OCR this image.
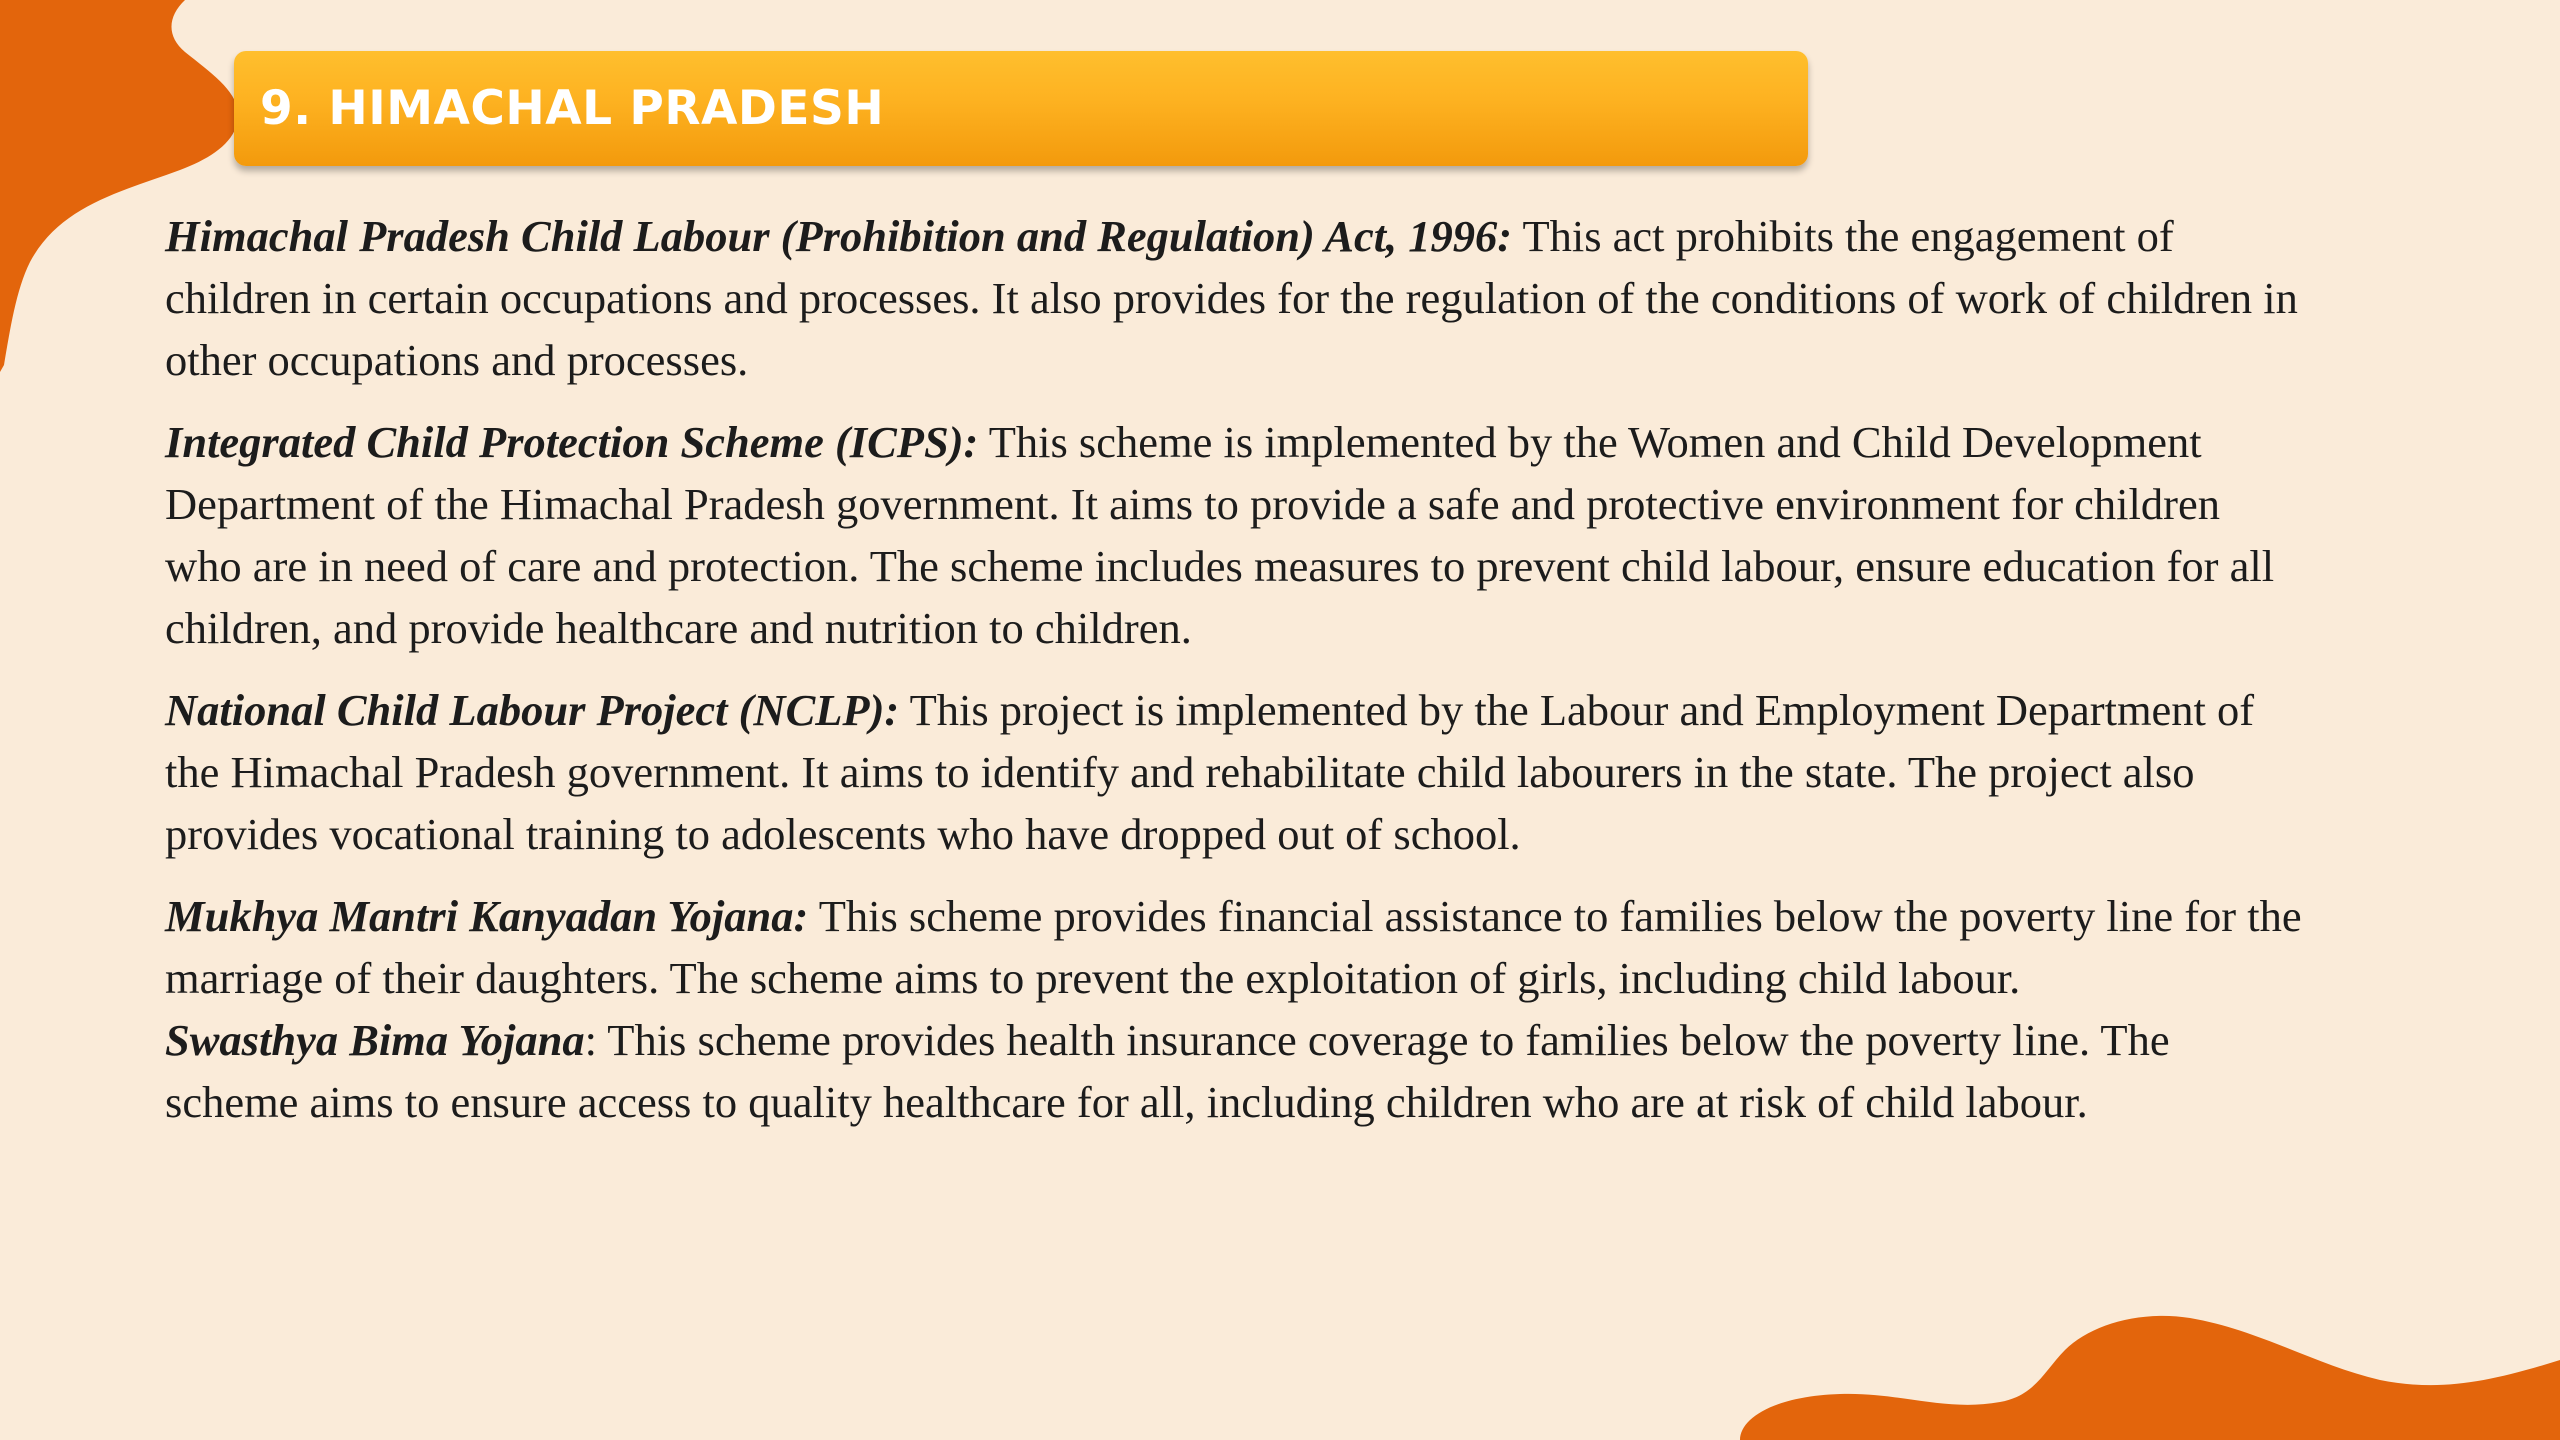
9. HIMACHAL PRADESH

Himachal Pradesh Child Labour (Prohibition and Regulation) Act, 1996: This act prohibits the engagement of children in certain occupations and processes. It also provides for the regulation of the conditions of work of children in other occupations and processes.

Integrated Child Protection Scheme (ICPS): This scheme is implemented by the Women and Child Development Department of the Himachal Pradesh government. It aims to provide a safe and protective environment for children who are in need of care and protection. The scheme includes measures to prevent child labour, ensure education for all children, and provide healthcare and nutrition to children.

National Child Labour Project (NCLP): This project is implemented by the Labour and Employment Department of the Himachal Pradesh government. It aims to identify and rehabilitate child labourers in the state. The project also provides vocational training to adolescents who have dropped out of school.

Mukhya Mantri Kanyadan Yojana: This scheme provides financial assistance to families below the poverty line for the marriage of their daughters. The scheme aims to prevent the exploitation of girls, including child labour.

Swasthya Bima Yojana: This scheme provides health insurance coverage to families below the poverty line. The scheme aims to ensure access to quality healthcare for all, including children who are at risk of child labour.
